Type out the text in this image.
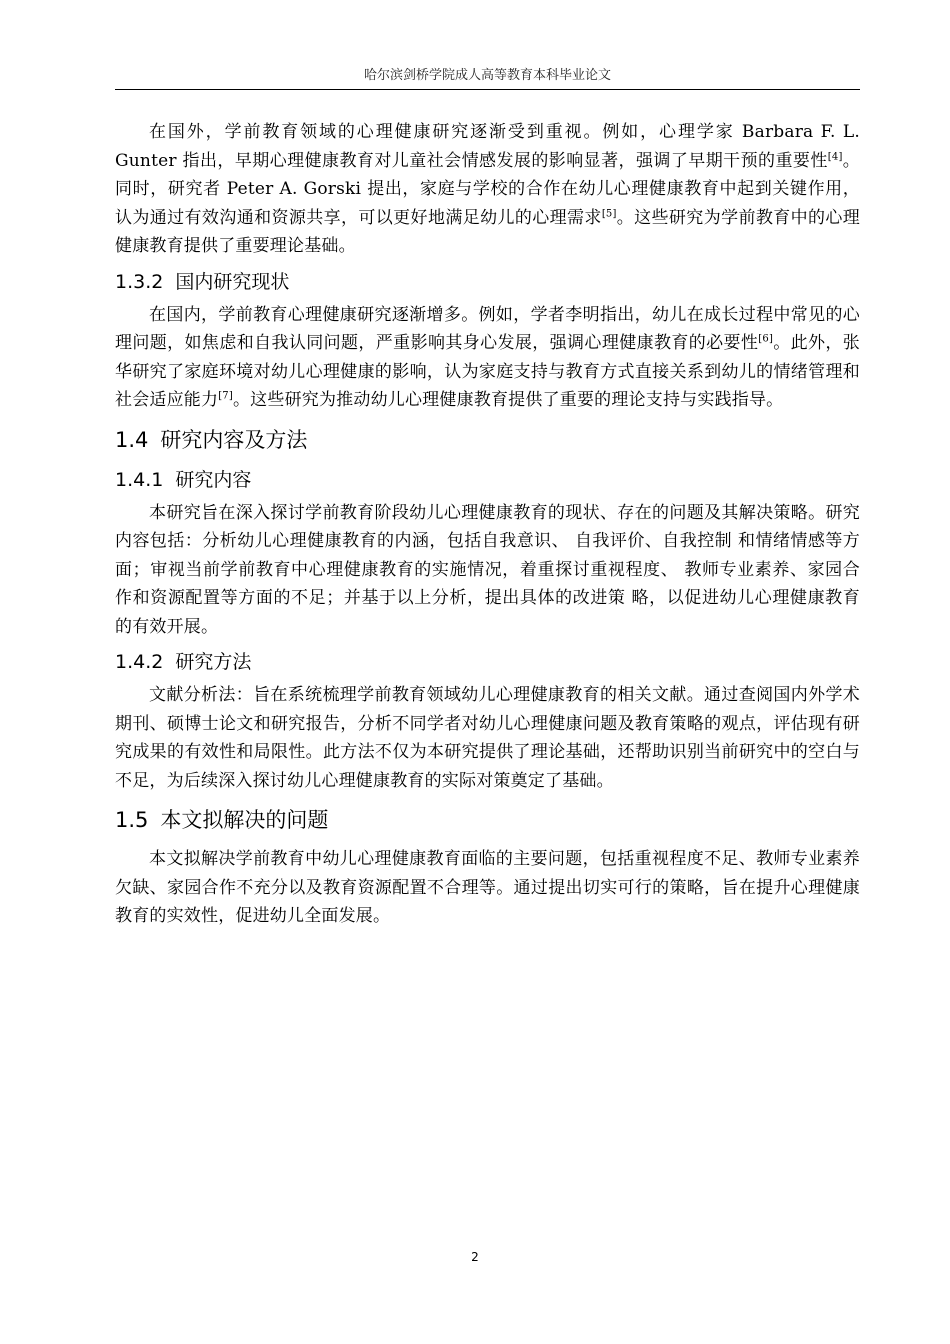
哈尔滨剑桥学院成人高等教育本科毕业论文

在国外，学前教育领域的心理健康研究逐渐受到重视。例如，心理学家 Barbara F. L. Gunter 指出，早期心理健康教育对儿童社会情感发展的影响显著，强调了早期干预的重要性[4]。同时，研究者 Peter A. Gorski 提出，家庭与学校的合作在幼儿心理健康教育中起到关键作用，认为通过有效沟通和资源共享，可以更好地满足幼儿的心理需求[5]。这些研究为学前教育中的心理健康教育提供了重要理论基础。

1.3.2 国内研究现状

在国内，学前教育心理健康研究逐渐增多。例如，学者李明指出，幼儿在成长过程中常见的心理问题，如焦虑和自我认同问题，严重影响其身心发展，强调心理健康教育的必要性[6]。此外，张华研究了家庭环境对幼儿心理健康的影响，认为家庭支持与教育方式直接关系到幼儿的情绪管理和社会适应能力[7]。这些研究为推动幼儿心理健康教育提供了重要的理论支持与实践指导。

1.4 研究内容及方法
1.4.1 研究内容

本研究旨在深入探讨学前教育阶段幼儿心理健康教育的现状、存在的问题及其解决策略。研究内容包括：分析幼儿心理健康教育的内涵，包括自我意识、 自我评价、自我控制 和情绪情感等方面；审视当前学前教育中心理健康教育的实施情况，着重探讨重视程度、 教师专业素养、家园合作和资源配置等方面的不足；并基于以上分析，提出具体的改进策 略，以促进幼儿心理健康教育的有效开展。

1.4.2 研究方法

文献分析法：旨在系统梳理学前教育领域幼儿心理健康教育的相关文献。通过查阅国内外学术期刊、硕博士论文和研究报告，分析不同学者对幼儿心理健康问题及教育策略的观点，评估现有研究成果的有效性和局限性。此方法不仅为本研究提供了理论基础，还帮助识别当前研究中的空白与不足，为后续深入探讨幼儿心理健康教育的实际对策奠定了基础。

1.5 本文拟解决的问题

本文拟解决学前教育中幼儿心理健康教育面临的主要问题，包括重视程度不足、教师专业素养欠缺、家园合作不充分以及教育资源配置不合理等。通过提出切实可行的策略，旨在提升心理健康教育的实效性，促进幼儿全面发展。

2
